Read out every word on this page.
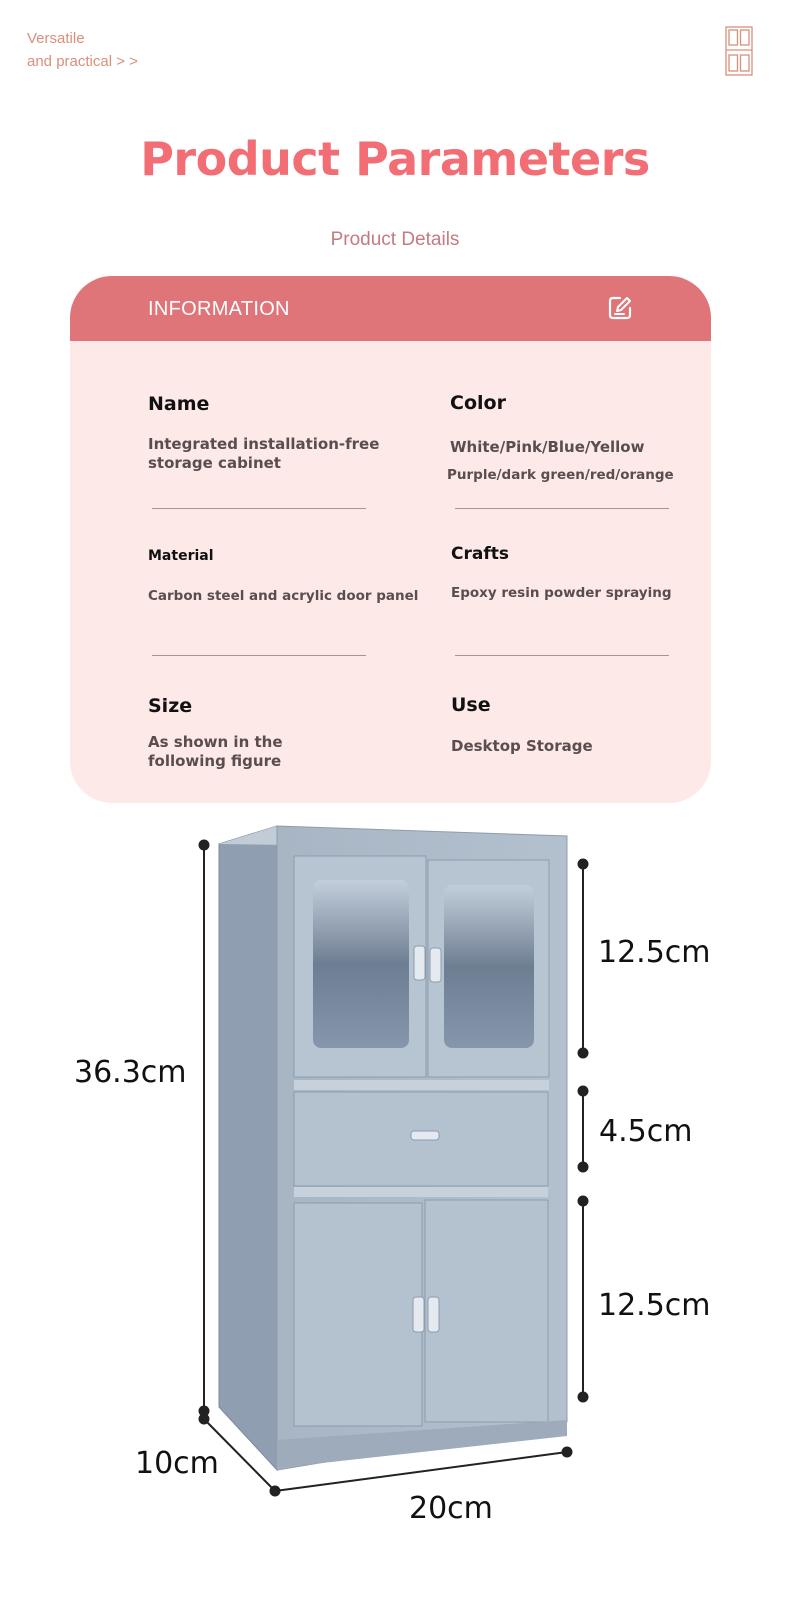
Versatile
and practical > >
Product Parameters
Product Details
INFORMATION
Name
Integrated installation-free storage cabinet
Color
White/Pink/Blue/Yellow
Purple/dark green/red/orange
Material
Carbon steel and acrylic door panel
Crafts
Epoxy resin powder spraying
Size
As shown in the following figure
Use
Desktop Storage
36.3cm
12.5cm
4.5cm
12.5cm
10cm
20cm
